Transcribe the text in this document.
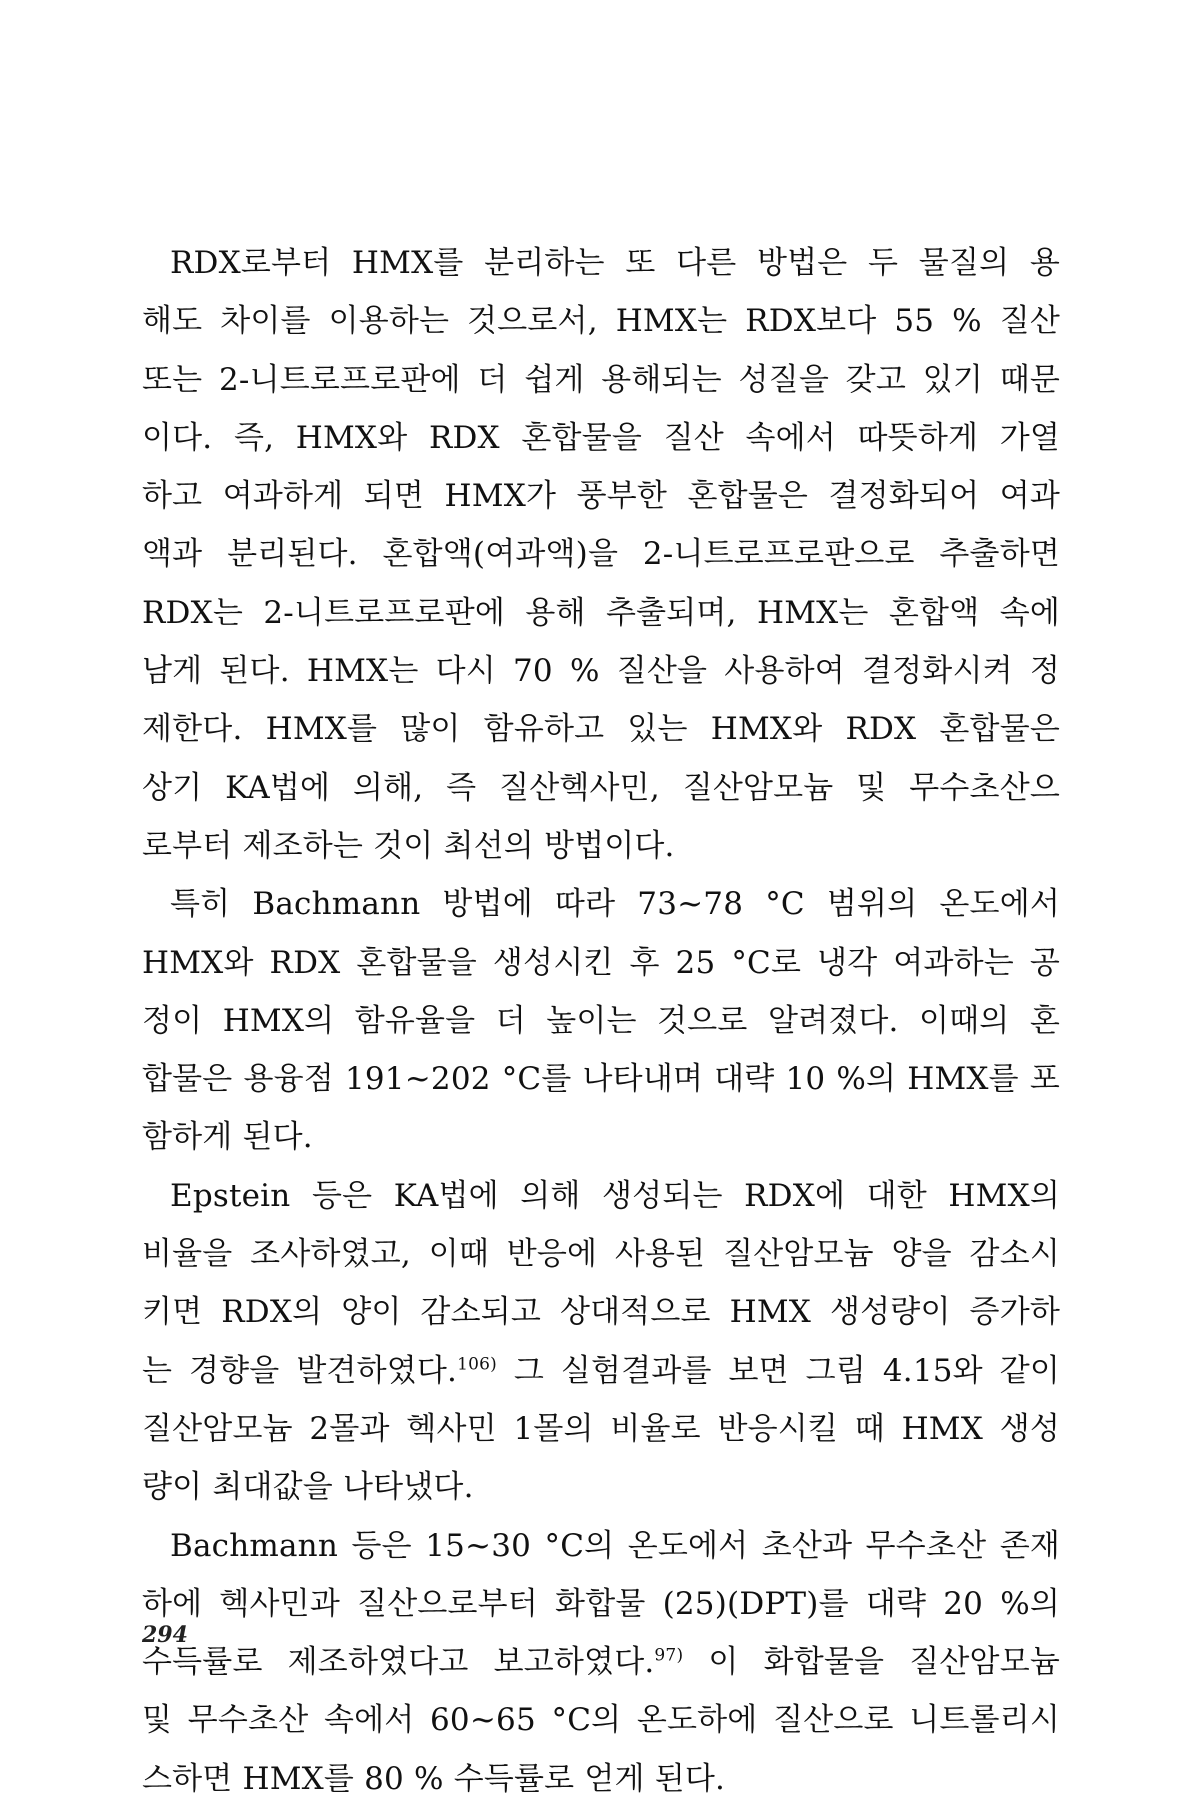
RDX로부터 HMX를 분리하는 또 다른 방법은 두 물질의 용
해도 차이를 이용하는 것으로서, HMX는 RDX보다 55 % 질산
또는 2-니트로프로판에 더 쉽게 용해되는 성질을 갖고 있기 때문
이다. 즉, HMX와 RDX 혼합물을 질산 속에서 따뜻하게 가열
하고 여과하게 되면 HMX가 풍부한 혼합물은 결정화되어 여과
액과 분리된다. 혼합액(여과액)을 2-니트로프로판으로 추출하면
RDX는 2-니트로프로판에 용해 추출되며, HMX는 혼합액 속에
남게 된다. HMX는 다시 70 % 질산을 사용하여 결정화시켜 정
제한다. HMX를 많이 함유하고 있는 HMX와 RDX 혼합물은
상기 KA법에 의해, 즉 질산헥사민, 질산암모늄 및 무수초산으
로부터 제조하는 것이 최선의 방법이다.
특히 Bachmann 방법에 따라 73~78 °C 범위의 온도에서
HMX와 RDX 혼합물을 생성시킨 후 25 °C로 냉각 여과하는 공
정이 HMX의 함유율을 더 높이는 것으로 알려졌다. 이때의 혼
합물은 용융점 191~202 °C를 나타내며 대략 10 %의 HMX를 포
함하게 된다.
Epstein 등은 KA법에 의해 생성되는 RDX에 대한 HMX의
비율을 조사하였고, 이때 반응에 사용된 질산암모늄 양을 감소시
키면 RDX의 양이 감소되고 상대적으로 HMX 생성량이 증가하
는 경향을 발견하였다.$^{106)}$ 그 실험결과를 보면 그림 4.15와 같이
질산암모늄 2몰과 헥사민 1몰의 비율로 반응시킬 때 HMX 생성
량이 최대값을 나타냈다.
Bachmann 등은 15~30 °C의 온도에서 초산과 무수초산 존재
하에 헥사민과 질산으로부터 화합물 (25)(DPT)를 대략 20 %의
수득률로 제조하였다고 보고하였다.$^{97)}$ 이 화합물을 질산암모늄
및 무수초산 속에서 60~65 °C의 온도하에 질산으로 니트롤리시
스하면 HMX를 80 % 수득률로 얻게 된다.
294
